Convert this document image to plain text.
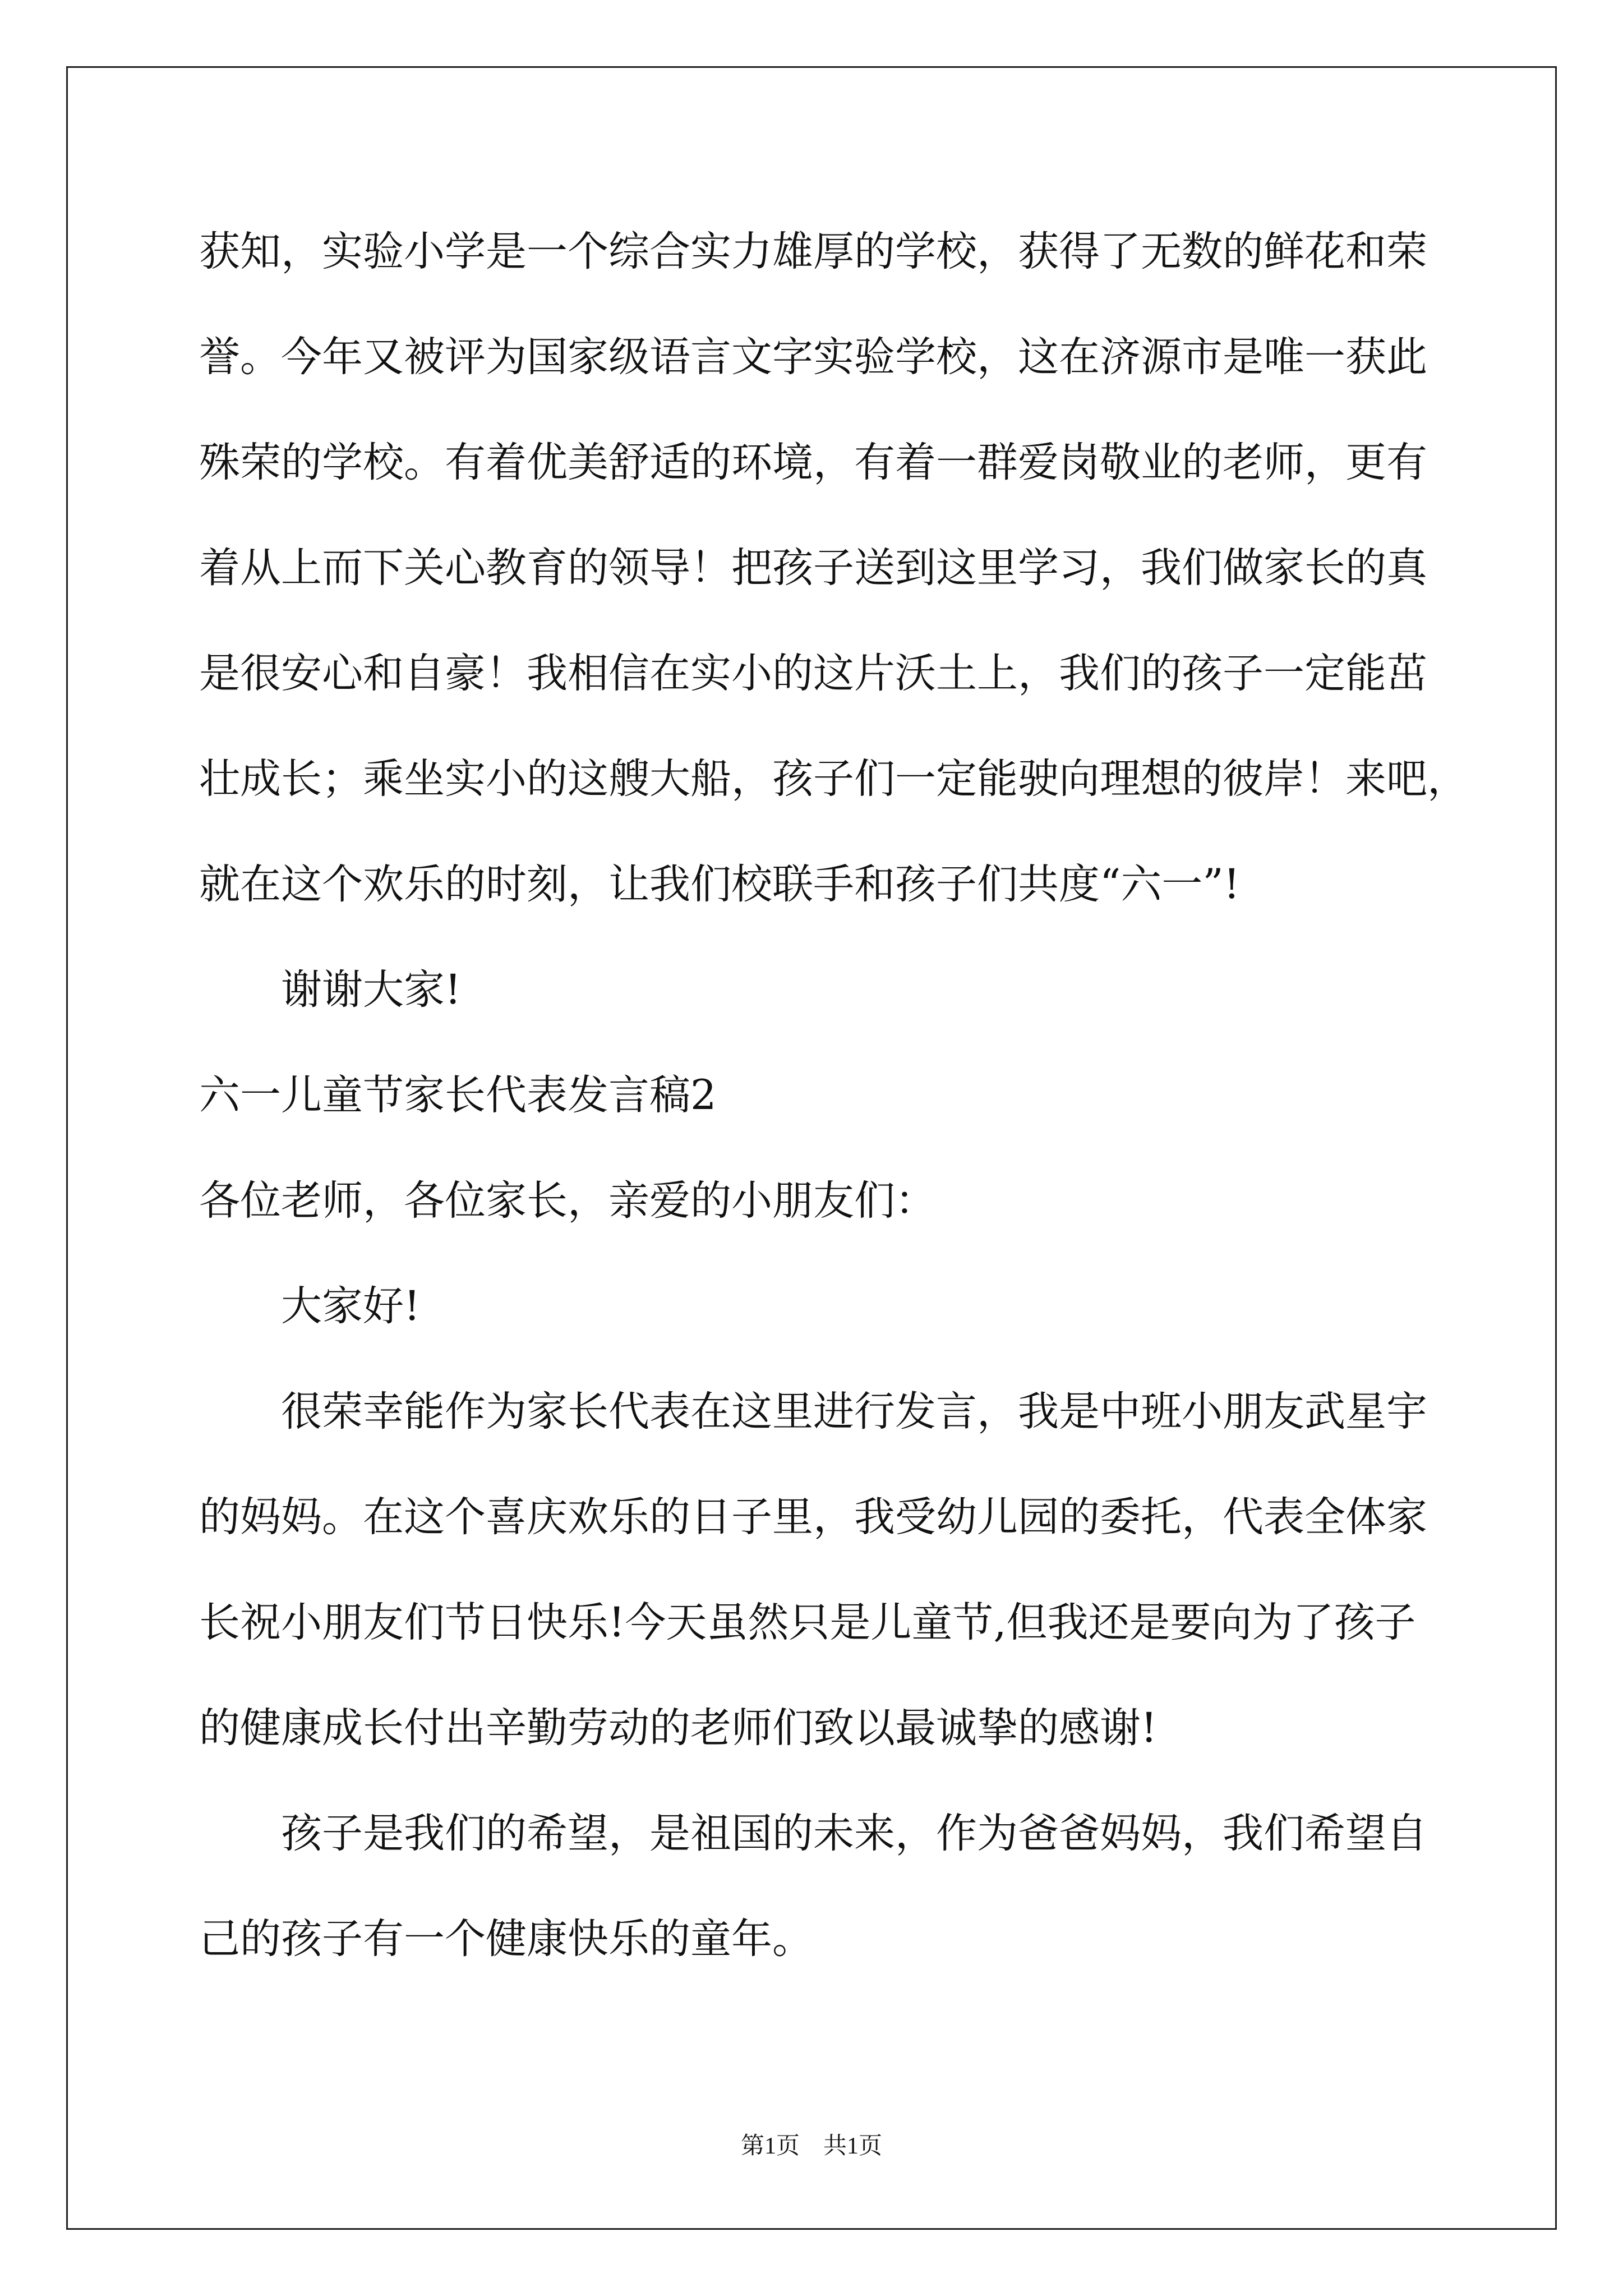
获知，实验小学是一个综合实力雄厚的学校，获得了无数的鲜花和荣
誉。今年又被评为国家级语言文字实验学校，这在济源市是唯一获此
殊荣的学校。有着优美舒适的环境，有着一群爱岗敬业的老师，更有
着从上而下关心教育的领导！把孩子送到这里学习，我们做家长的真
是很安心和自豪！我相信在实小的这片沃土上，我们的孩子一定能茁
壮成长；乘坐实小的这艘大船，孩子们一定能驶向理想的彼岸！来吧，
就在这个欢乐的时刻，让我们校联手和孩子们共度“六一”!
谢谢大家!
六一儿童节家长代表发言稿2
各位老师，各位家长，亲爱的小朋友们：
大家好!
很荣幸能作为家长代表在这里进行发言，我是中班小朋友武星宇
的妈妈。在这个喜庆欢乐的日子里，我受幼儿园的委托，代表全体家
长祝小朋友们节日快乐!今天虽然只是儿童节,但我还是要向为了孩子
的健康成长付出辛勤劳动的老师们致以最诚挚的感谢!
孩子是我们的希望，是祖国的未来，作为爸爸妈妈，我们希望自
己的孩子有一个健康快乐的童年。
第1页 共1页
